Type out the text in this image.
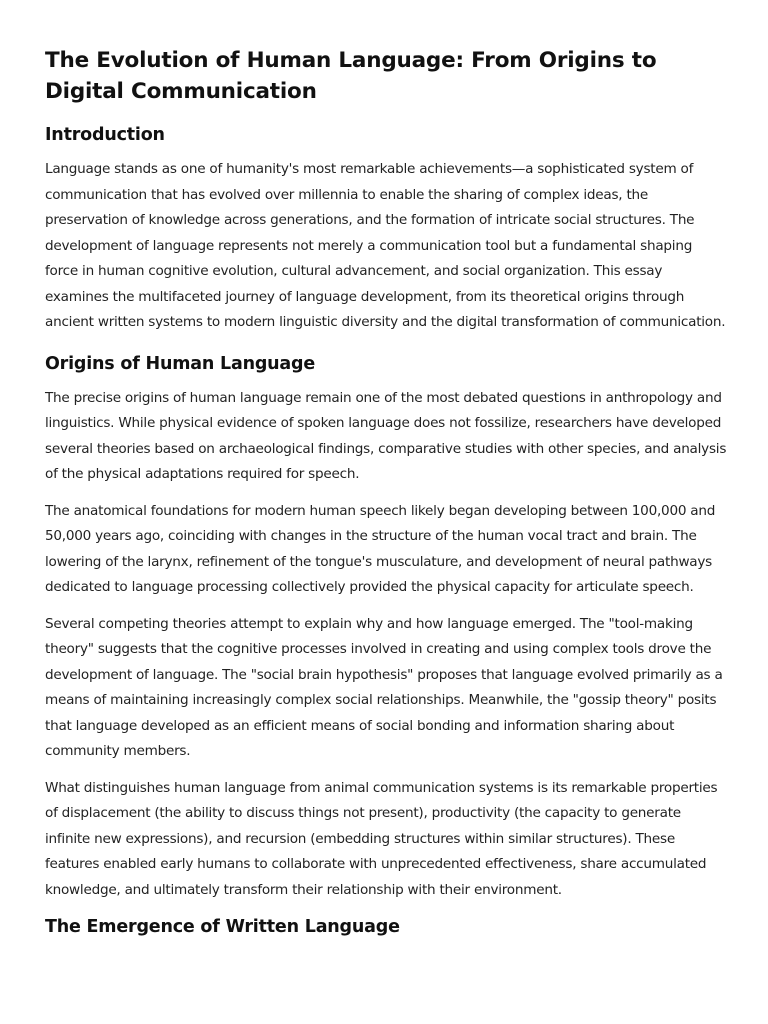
The Evolution of Human Language: From Origins to Digital Communication
Introduction

Language stands as one of humanity's most remarkable achievements—a sophisticated system of communication that has evolved over millennia to enable the sharing of complex ideas, the preservation of knowledge across generations, and the formation of intricate social structures. The development of language represents not merely a communication tool but a fundamental shaping force in human cognitive evolution, cultural advancement, and social organization. This essay examines the multifaceted journey of language development, from its theoretical origins through ancient written systems to modern linguistic diversity and the digital transformation of communication.

Origins of Human Language

The precise origins of human language remain one of the most debated questions in anthropology and linguistics. While physical evidence of spoken language does not fossilize, researchers have developed several theories based on archaeological findings, comparative studies with other species, and analysis of the physical adaptations required for speech.

The anatomical foundations for modern human speech likely began developing between 100,000 and 50,000 years ago, coinciding with changes in the structure of the human vocal tract and brain. The lowering of the larynx, refinement of the tongue's musculature, and development of neural pathways dedicated to language processing collectively provided the physical capacity for articulate speech.

Several competing theories attempt to explain why and how language emerged. The "tool-making theory" suggests that the cognitive processes involved in creating and using complex tools drove the development of language. The "social brain hypothesis" proposes that language evolved primarily as a means of maintaining increasingly complex social relationships. Meanwhile, the "gossip theory" posits that language developed as an efficient means of social bonding and information sharing about community members.

What distinguishes human language from animal communication systems is its remarkable properties of displacement (the ability to discuss things not present), productivity (the capacity to generate infinite new expressions), and recursion (embedding structures within similar structures). These features enabled early humans to collaborate with unprecedented effectiveness, share accumulated knowledge, and ultimately transform their relationship with their environment.

The Emergence of Written Language
